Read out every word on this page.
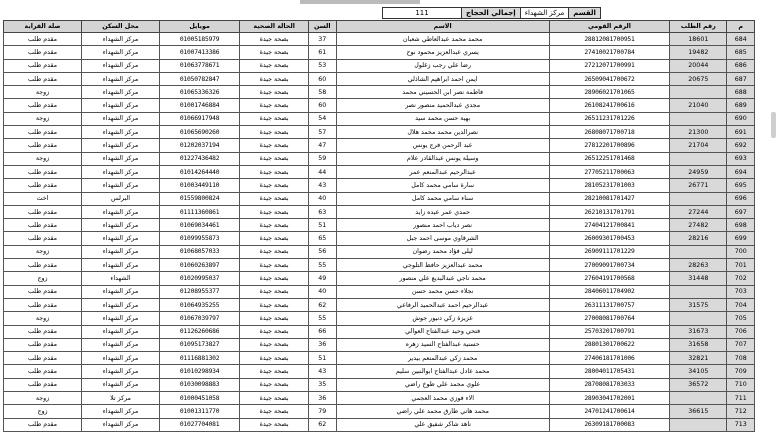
القسم	مركز الشهداء	إجمالي الحجاج	111
م	رقم الطلب	الرقم القومي	الاسم	السن	الحالة الصحية	موبايل	محل السكن	صلة القرابة
684	18601	28812081700951	محمد محمد عبدالعاطي شعبان	37	بصحة جيدة	01005185979	مركز الشهداء	مقدم طلب
685	19482	27410021700784	يسري عبدالعزيز محمود نوح	61	بصحة جيدة	01007413386	مركز الشهداء	مقدم طلب
686	20044	27212071700991	رضا علي رجب زغلول	53	بصحة جيدة	01063778671	مركز الشهداء	مقدم طلب
687	20675	26509041700672	ايمن احمد ابراهيم الشاذلي	60	بصحة جيدة	01050782847	مركز الشهداء	مقدم طلب
688		28906021701065	فاطمة نصر ابن الحسيني محمد	58	بصحة جيدة	01065336326	مركز الشهداء	زوجة
689	21040	26108241700616	مجدي عبدالحميد منصور نصر	60	بصحة جيدة	01001746884	مركز الشهداء	مقدم طلب
690		26511231701226	بهية حسن محمد سيد	54	بصحة جيدة	01066917948	مركز الشهداء	زوجة
691	21300	26808071700718	نصرالدين محمد محمد هلال	57	بصحة جيدة	01065690260	مركز الشهداء	مقدم طلب
692	21704	27812201700896	عبد الرحمن فرج يونس	47	بصحة جيدة	01202037194	مركز الشهداء	مقدم طلب
693		26512251701468	وسيلة يونس عبدالقادر علام	59	بصحة جيدة	01227436482	مركز الشهداء	زوجة
694	24959	27705211700063	عبدالرحيم عبدالمنعم عمر	44	بصحة جيدة	01014264440	مركز الشهداء	مقدم طلب
695	26771	28105231701003	سارة سامي محمد كامل	43	بصحة جيدة	01003449110	مركز الشهداء	مقدم طلب
696		28210081701427	سناء سامي محمد كامل	40	بصحة جيدة	01559800824	البرلس	اخت
697	27244	26210131701791	حمدي عمر عبده زايد	63	بصحة جيدة	01111360861	مركز الشهداء	مقدم طلب
698	27482	27404121700841	نصر دياب احمد منصور	51	بصحة جيدة	01069034461	مركز الشهداء	مقدم طلب
699	28216	26009301700453	الشرقاوي موسى احمد جبل	65	بصحة جيدة	01099955873	مركز الشهداء	مقدم طلب
700		26909111701229	ليلى فؤاد محمد رضوان	56	بصحة جيدة	01068057033	مركز الشهداء	زوجة
701	28263	27009091700734	محمد عبدالعزيز حافظ التلوجي	55	بصحة جيدة	01060263897	مركز الشهداء	مقدم طلب
702	31448	27604191700568	محمد ناجي عبدالبديع علي منصور	49	بصحة جيدة	01020995037	الشهداء	زوج
703		28406011704902	نجلاء حسن محمد حسن	40	بصحة جيدة	01208955377	مركز الشهداء	مقدم طلب
704	31575	26311131700757	عبدالرحيم احمد عبدالحميد الرفاعي	62	بصحة جيدة	01064935255	مركز الشهداء	مقدم طلب
705		27008081700764	عزيزة زكي دنيور جوش	55	بصحة جيدة	01067039797	مركز الشهداء	زوجة
706	31673	25703201700791	فتحي وحيد عبدالفتاح العوالي	66	بصحة جيدة	01126260686	مركز الشهداء	مقدم طلب
707	31658	28801301700622	حسنية عبدالفتاح السيد زهره	36	بصحة جيدة	01095173827	مركز الشهداء	مقدم طلب
708	32821	27406181701006	محمد زكي عبدالمنعم بيدير	51	بصحة جيدة	01116881302	مركز الشهداء	مقدم طلب
709	34105	28004011705431	محمد عادل عبدالفتاح ابوالنبين سليم	43	بصحة جيدة	01010298934	مركز الشهداء	مقدم طلب
710	36572	28708081703033	علوي محمد علي طوخ راضي	35	بصحة جيدة	01030098883	مركز الشهداء	مقدم طلب
711		28903041702001	الاء فوزي محمد العجمي	36	بصحة جيدة	01000451058	مركز تلا	زوجة
712	36615	24701241700614	محمد هاني طارق محمد علي راضي	79	بصحة جيدة	01001311770	مركز الشهداء	زوج
713		26309181700083	ناهد شاكر شفيق علي	62	بصحة جيدة	01027704081	مركز الشهداء	مقدم طلب
